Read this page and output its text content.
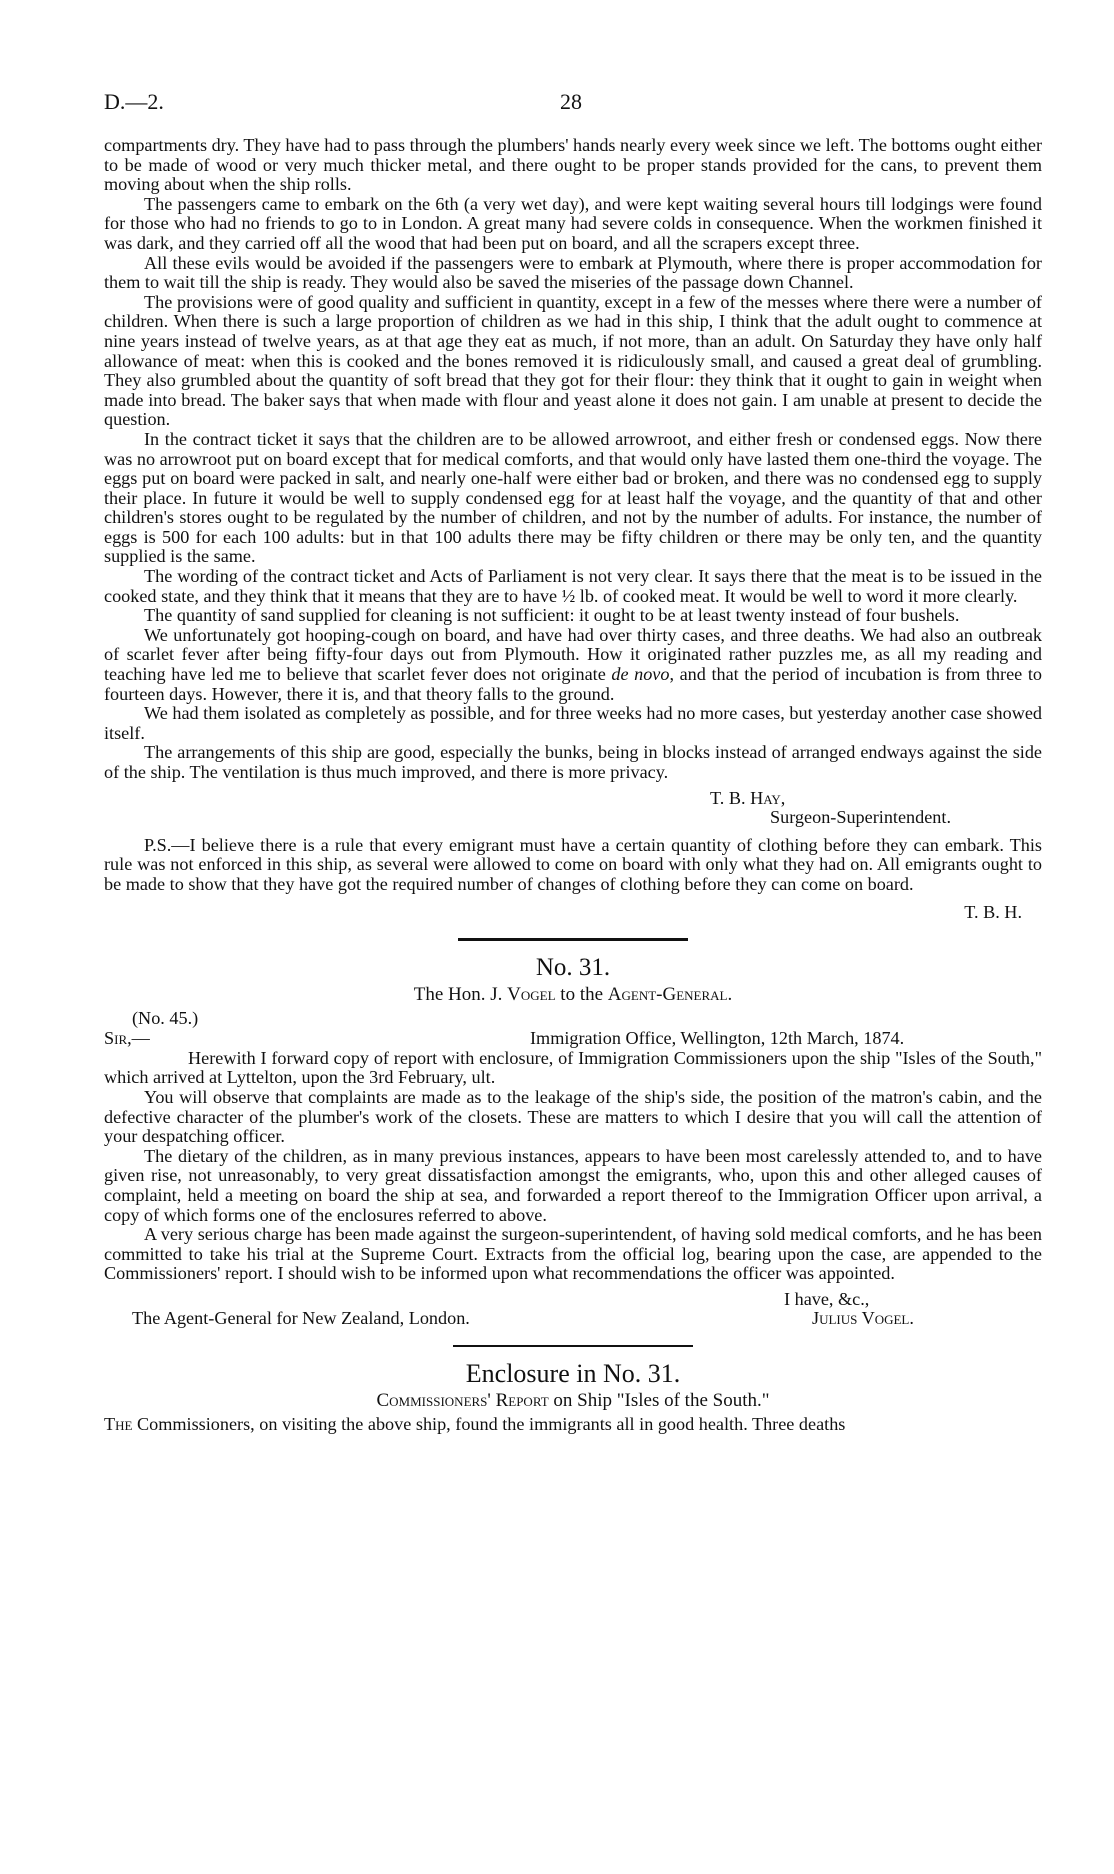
D.—2.	28

compartments dry. They have had to pass through the plumbers' hands nearly every week since we left. The bottoms ought either to be made of wood or very much thicker metal, and there ought to be proper stands provided for the cans, to prevent them moving about when the ship rolls.

The passengers came to embark on the 6th (a very wet day), and were kept waiting several hours till lodgings were found for those who had no friends to go to in London. A great many had severe colds in consequence. When the workmen finished it was dark, and they carried off all the wood that had been put on board, and all the scrapers except three.

All these evils would be avoided if the passengers were to embark at Plymouth, where there is proper accommodation for them to wait till the ship is ready. They would also be saved the miseries of the passage down Channel.

The provisions were of good quality and sufficient in quantity, except in a few of the messes where there were a number of children. When there is such a large proportion of children as we had in this ship, I think that the adult ought to commence at nine years instead of twelve years, as at that age they eat as much, if not more, than an adult. On Saturday they have only half allowance of meat: when this is cooked and the bones removed it is ridiculously small, and caused a great deal of grumbling. They also grumbled about the quantity of soft bread that they got for their flour: they think that it ought to gain in weight when made into bread. The baker says that when made with flour and yeast alone it does not gain. I am unable at present to decide the question.

In the contract ticket it says that the children are to be allowed arrowroot, and either fresh or condensed eggs. Now there was no arrowroot put on board except that for medical comforts, and that would only have lasted them one-third the voyage. The eggs put on board were packed in salt, and nearly one-half were either bad or broken, and there was no condensed egg to supply their place. In future it would be well to supply condensed egg for at least half the voyage, and the quantity of that and other children's stores ought to be regulated by the number of children, and not by the number of adults. For instance, the number of eggs is 500 for each 100 adults: but in that 100 adults there may be fifty children or there may be only ten, and the quantity supplied is the same.

The wording of the contract ticket and Acts of Parliament is not very clear. It says there that the meat is to be issued in the cooked state, and they think that it means that they are to have ½ lb. of cooked meat. It would be well to word it more clearly.

The quantity of sand supplied for cleaning is not sufficient: it ought to be at least twenty instead of four bushels.

We unfortunately got hooping-cough on board, and have had over thirty cases, and three deaths. We had also an outbreak of scarlet fever after being fifty-four days out from Plymouth. How it originated rather puzzles me, as all my reading and teaching have led me to believe that scarlet fever does not originate de novo, and that the period of incubation is from three to fourteen days. However, there it is, and that theory falls to the ground.

We had them isolated as completely as possible, and for three weeks had no more cases, but yesterday another case showed itself.

The arrangements of this ship are good, especially the bunks, being in blocks instead of arranged endways against the side of the ship. The ventilation is thus much improved, and there is more privacy.

T. B. Hay,
Surgeon-Superintendent.

P.S.—I believe there is a rule that every emigrant must have a certain quantity of clothing before they can embark. This rule was not enforced in this ship, as several were allowed to come on board with only what they had on. All emigrants ought to be made to show that they have got the required number of changes of clothing before they can come on board.

T. B. H.
No. 31.
The Hon. J. Vogel to the Agent-General.
(No. 45.)
Sir,—	Immigration Office, Wellington, 12th March, 1874.

Herewith I forward copy of report with enclosure, of Immigration Commissioners upon the ship "Isles of the South," which arrived at Lyttelton, upon the 3rd February, ult.

You will observe that complaints are made as to the leakage of the ship's side, the position of the matron's cabin, and the defective character of the plumber's work of the closets. These are matters to which I desire that you will call the attention of your despatching officer.

The dietary of the children, as in many previous instances, appears to have been most carelessly attended to, and to have given rise, not unreasonably, to very great dissatisfaction amongst the emigrants, who, upon this and other alleged causes of complaint, held a meeting on board the ship at sea, and forwarded a report thereof to the Immigration Officer upon arrival, a copy of which forms one of the enclosures referred to above.

A very serious charge has been made against the surgeon-superintendent, of having sold medical comforts, and he has been committed to take his trial at the Supreme Court. Extracts from the official log, bearing upon the case, are appended to the Commissioners' report. I should wish to be informed upon what recommendations the officer was appointed.

I have, &c.,
The Agent-General for New Zealand, London.	Julius Vogel.
Enclosure in No. 31.
Commissioners' Report on Ship "Isles of the South."

The Commissioners, on visiting the above ship, found the immigrants all in good health. Three deaths
